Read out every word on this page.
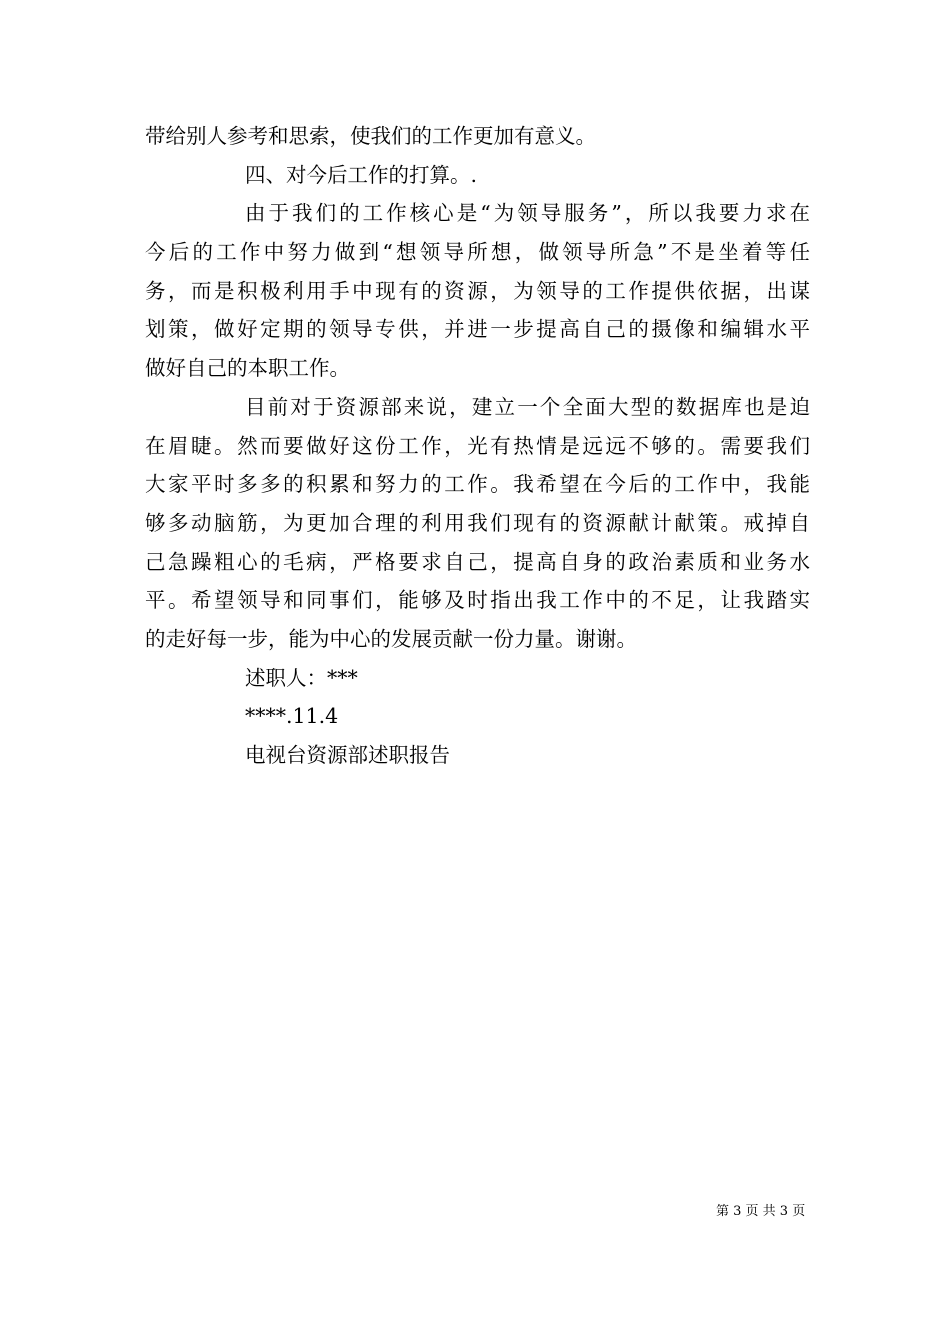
带给别人参考和思索，使我们的工作更加有意义。
四、对今后工作的打算。.
由于我们的工作核心是“为领导服务”，所以我要力求在
今后的工作中努力做到“想领导所想，做领导所急”不是坐着等任
务，而是积极利用手中现有的资源，为领导的工作提供依据，出谋
划策，做好定期的领导专供，并进一步提高自己的摄像和编辑水平
做好自己的本职工作。
目前对于资源部来说，建立一个全面大型的数据库也是迫
在眉睫。然而要做好这份工作，光有热情是远远不够的。需要我们
大家平时多多的积累和努力的工作。我希望在今后的工作中，我能
够多动脑筋，为更加合理的利用我们现有的资源献计献策。戒掉自
己急躁粗心的毛病，严格要求自己，提高自身的政治素质和业务水
平。希望领导和同事们，能够及时指出我工作中的不足，让我踏实
的走好每一步，能为中心的发展贡献一份力量。谢谢。
述职人：***
****.11.4
电视台资源部述职报告
第 3 页 共 3 页
